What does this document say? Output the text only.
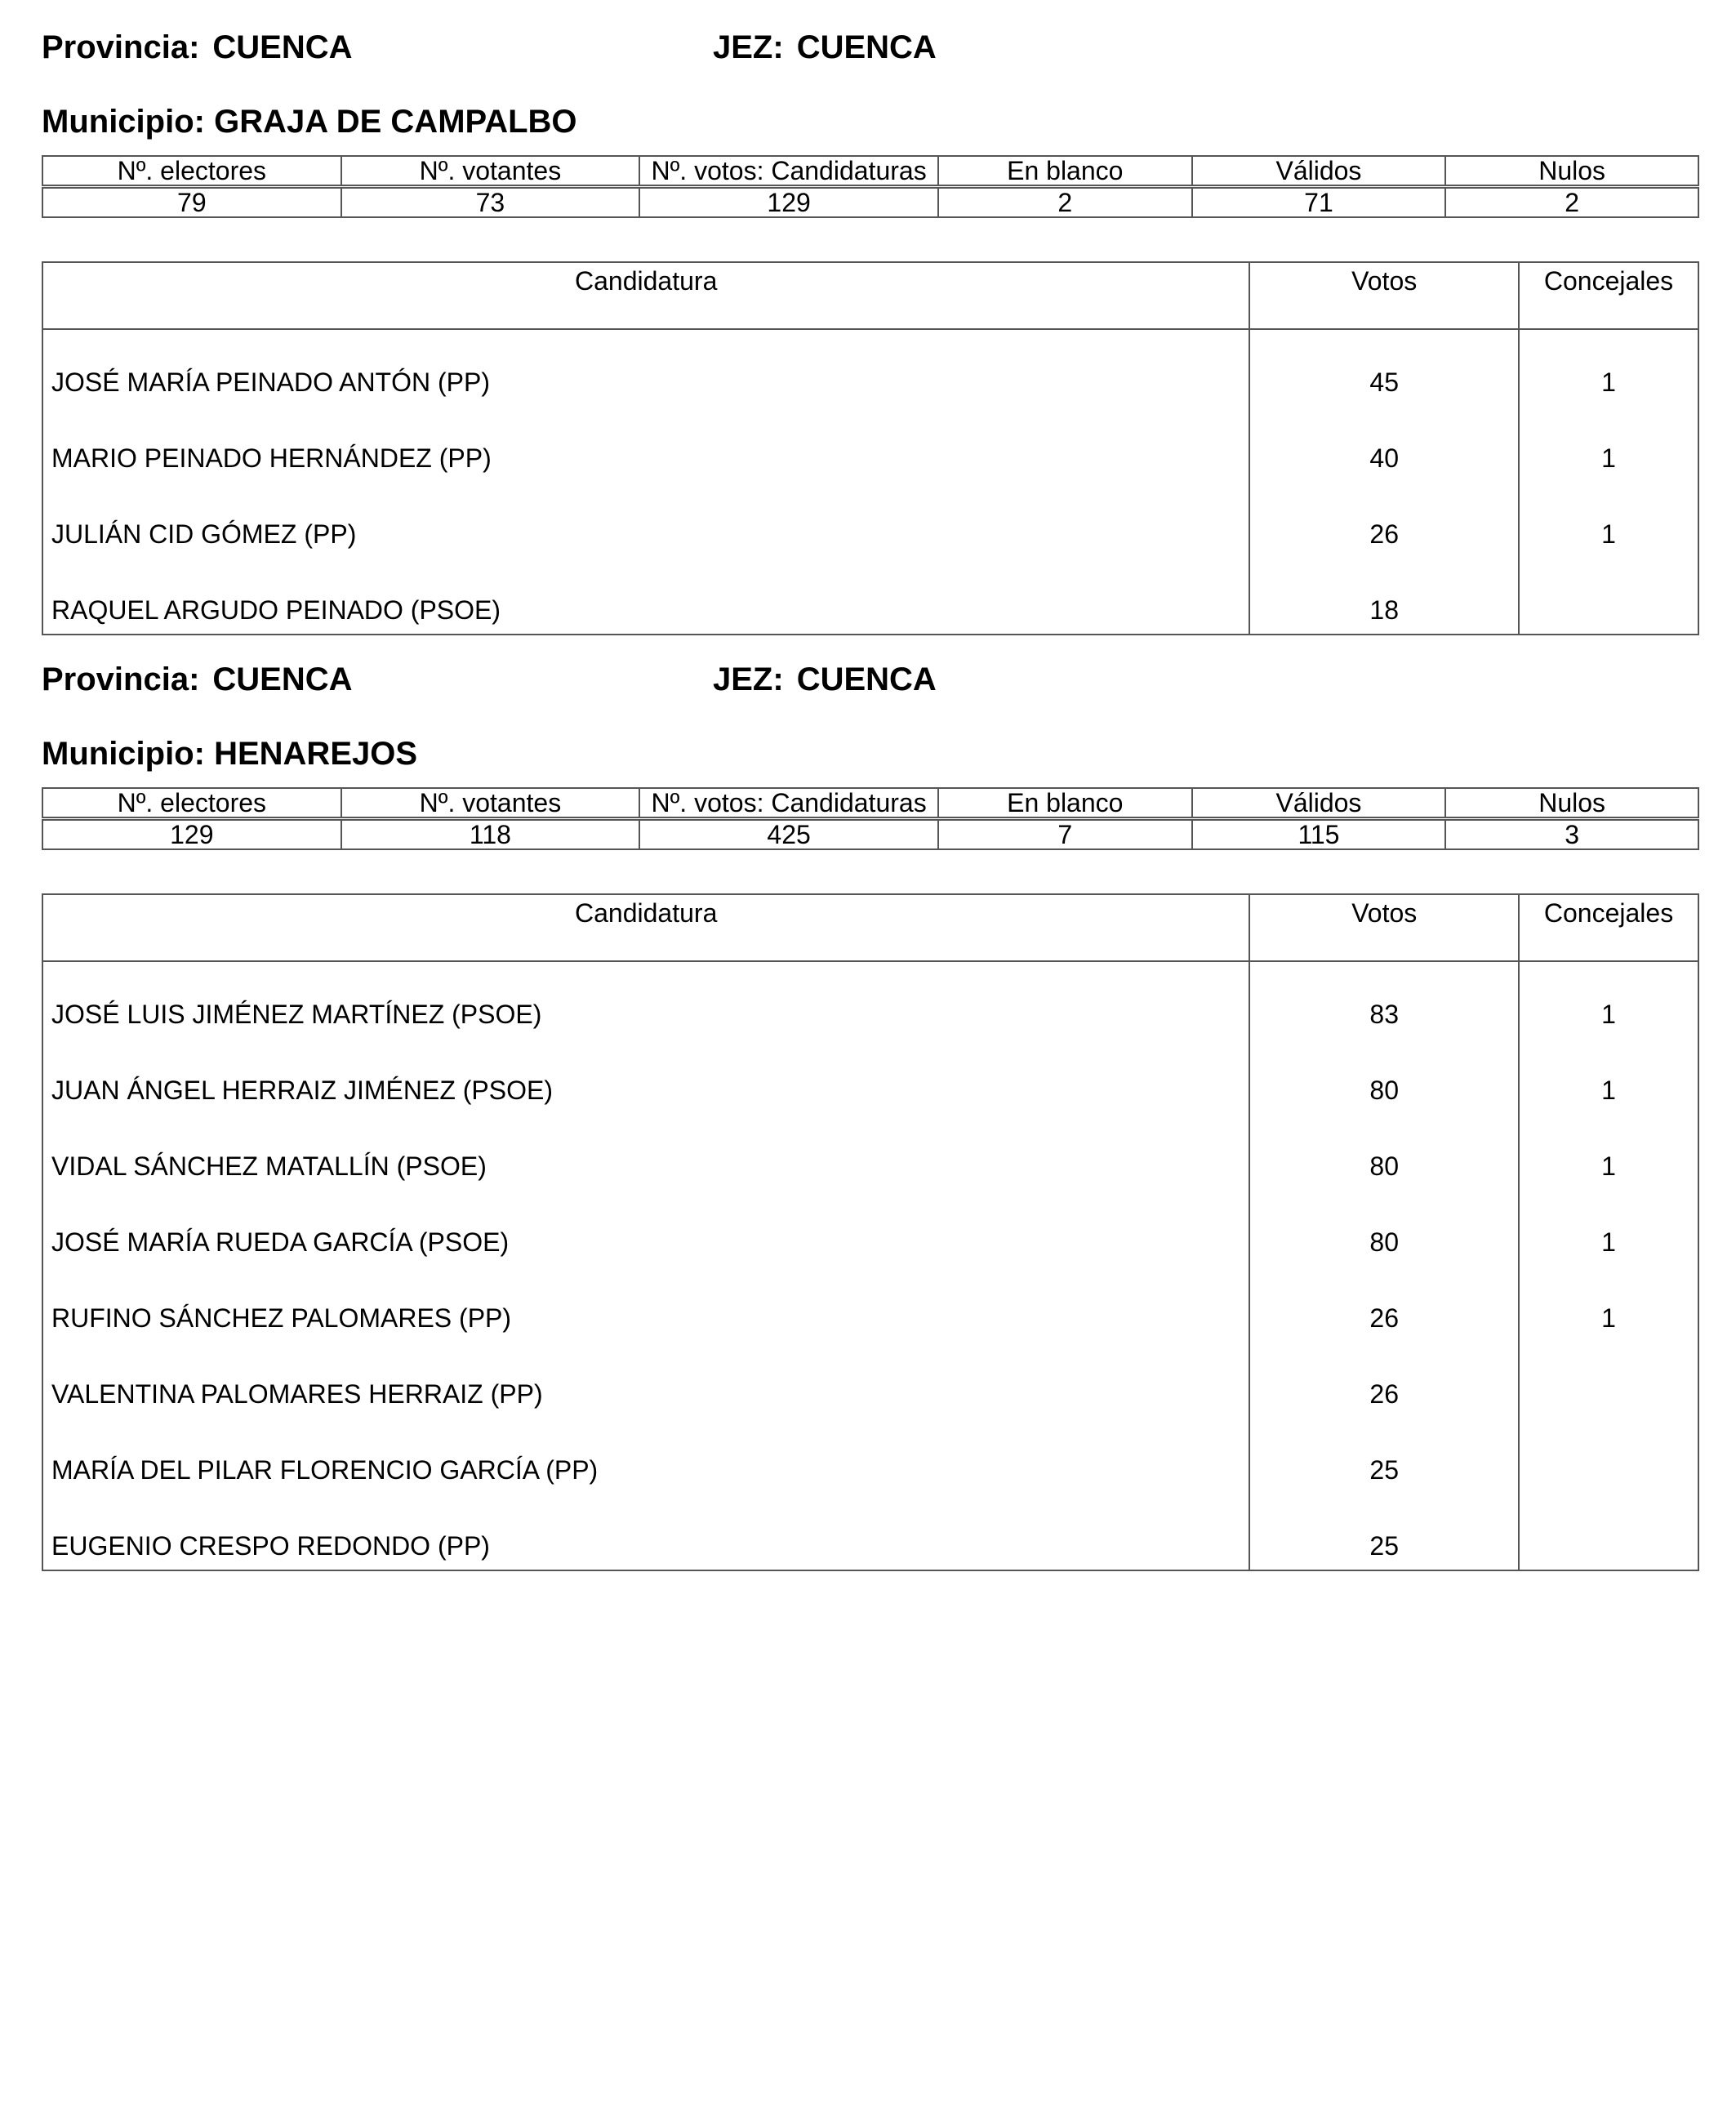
Provincia: CUENCA	JEZ: CUENCA
Municipio: GRAJA DE CAMPALBO
Nº. electores	Nº. votantes	Nº. votos: Candidaturas	En blanco	Válidos	Nulos
79	73	129	2	71	2
Candidatura	Votos	Concejales
JOSÉ MARÍA PEINADO ANTÓN (PP)	45	1
MARIO PEINADO HERNÁNDEZ (PP)	40	1
JULIÁN CID GÓMEZ (PP)	26	1
RAQUEL ARGUDO PEINADO (PSOE)	18	
Provincia: CUENCA	JEZ: CUENCA
Municipio: HENAREJOS
Nº. electores	Nº. votantes	Nº. votos: Candidaturas	En blanco	Válidos	Nulos
129	118	425	7	115	3
Candidatura	Votos	Concejales
JOSÉ LUIS JIMÉNEZ MARTÍNEZ (PSOE)	83	1
JUAN ÁNGEL HERRAIZ JIMÉNEZ (PSOE)	80	1
VIDAL SÁNCHEZ MATALLÍN (PSOE)	80	1
JOSÉ MARÍA RUEDA GARCÍA (PSOE)	80	1
RUFINO SÁNCHEZ PALOMARES (PP)	26	1
VALENTINA PALOMARES HERRAIZ (PP)	26	
MARÍA DEL PILAR FLORENCIO GARCÍA (PP)	25	
EUGENIO CRESPO REDONDO (PP)	25	
